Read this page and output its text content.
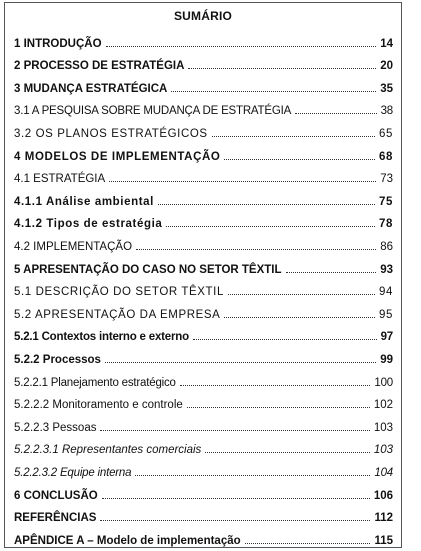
SUMÁRIO
1 INTRODUÇÃO	14
2 PROCESSO DE ESTRATÉGIA	20
3 MUDANÇA ESTRATÉGICA	35
3.1 A PESQUISA SOBRE MUDANÇA DE ESTRATÉGIA	38
3.2 OS PLANOS ESTRATÉGICOS	65
4 MODELOS DE IMPLEMENTAÇÃO	68
4.1 ESTRATÉGIA	73
4.1.1 Análise ambiental	75
4.1.2 Tipos de estratégia	78
4.2 IMPLEMENTAÇÃO	86
5 APRESENTAÇÃO DO CASO NO SETOR TÊXTIL	93
5.1 DESCRIÇÃO DO SETOR TÊXTIL	94
5.2 APRESENTAÇÃO DA EMPRESA	95
5.2.1 Contextos interno e externo	97
5.2.2 Processos	99
5.2.2.1 Planejamento estratégico	100
5.2.2.2 Monitoramento e controle	102
5.2.2.3 Pessoas	103
5.2.2.3.1 Representantes comerciais	103
5.2.2.3.2 Equipe interna	104
6 CONCLUSÃO	106
REFERÊNCIAS	112
APÊNDICE A – Modelo de implementação	115
